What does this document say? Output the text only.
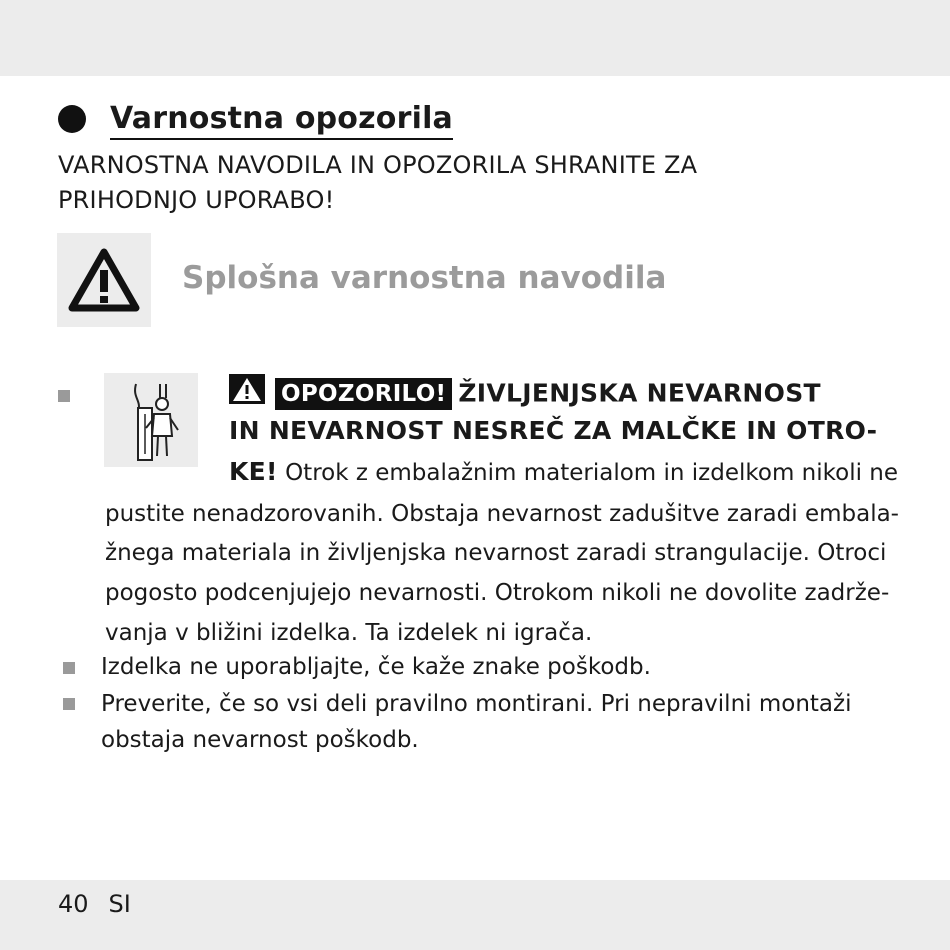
Varnostna opozorila
VARNOSTNA NAVODILA IN OPOZORILA SHRANITE ZA
PRIHODNJO UPORABO!
Splošna varnostna navodila
OPOZORILO! ŽIVLJENJSKA NEVARNOST
IN NEVARNOST NESREČ ZA MALČKE IN OTRO-
KE! Otrok z embalažnim materialom in izdelkom nikoli ne
pustite nenadzorovanih. Obstaja nevarnost zadušitve zaradi embala-
žnega materiala in življenjska nevarnost zaradi strangulacije. Otroci
pogosto podcenjujejo nevarnosti. Otrokom nikoli ne dovolite zadrže-
vanja v bližini izdelka. Ta izdelek ni igrača.
Izdelka ne uporabljajte, če kaže znake poškodb.
Preverite, če so vsi deli pravilno montirani. Pri nepravilni montaži
obstaja nevarnost poškodb.
40 SI
